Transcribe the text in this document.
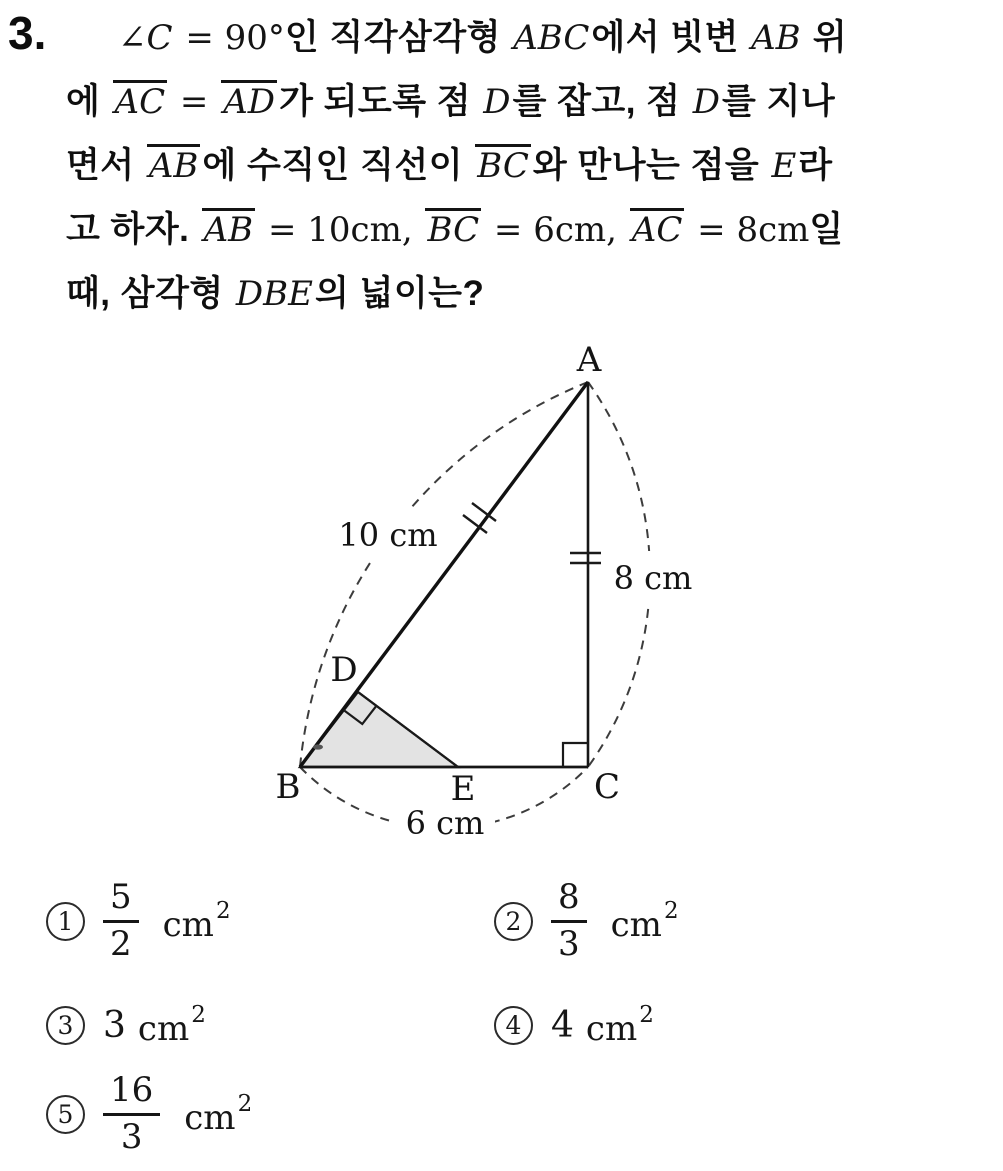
3.	∠C = 90°인 직각삼각형 ABC에서 빗변 AB 위
에 AC = AD 가 되도록 점 D를 잡고, 점 D를 지나
면서 AB 에 수직인 직선이 BC 와 만나는 점을 E라
고 하자. AB = 10cm, BC = 6cm, AC = 8cm일
때, 삼각형 DBE의 넓이는?
A
B	C
D
E
10 cm
8 cm
6 cm
$1 \frac{5}{2} cm^2$	$2 \frac{8}{3} cm^2$
3 3 $cm^2$	4 4 $cm^2$
$5 \frac{16}{3} cm^2$
